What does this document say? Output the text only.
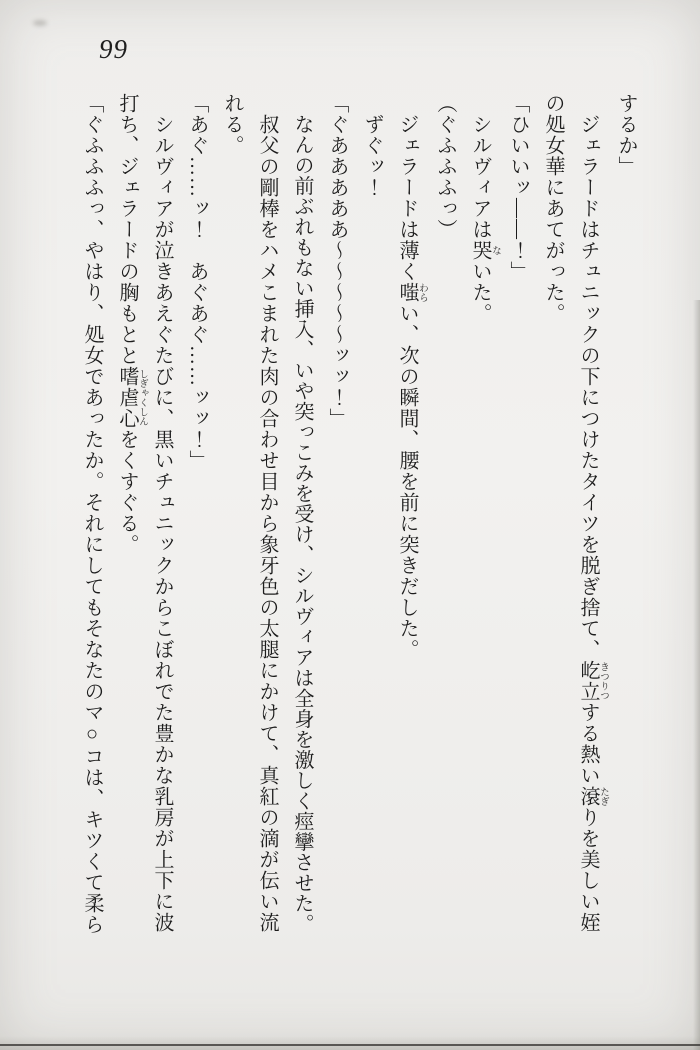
99

するか」

ジェラードはチュニックの下につけたタイツを脱ぎ捨て、屹立 きつりつする熱い滾 たぎりを美しい姪の処女華にあてがった。

「ひいいッ――！」

シルヴィアは哭 ないた。

（ぐふふふっ）

ジェラードは薄く嗤 わらい、次の瞬間、腰を前に突きだした。

ずぐッ！

「ぐあああああ～～～～～ッッ！」

なんの前ぶれもない挿入、いや突っこみを受け、シルヴィアは全身を激しく痙攣させた。

叔父の剛棒をハメこまれた肉の合わせ目から象牙色の太腿にかけて、真紅の滴が伝い流れる。

「あぐ……ッ！　あぐあぐ……ッッ！」

シルヴィアが泣きあえぐたびに、黒いチュニックからこぼれでた豊かな乳房が上下に波打ち、ジェラードの胸もとと嗜虐心 しぎゃくしんをくすぐる。

「ぐふふふっ、やはり、処女であったか。それにしてもそなたのマ○コは、キツくて柔ら
